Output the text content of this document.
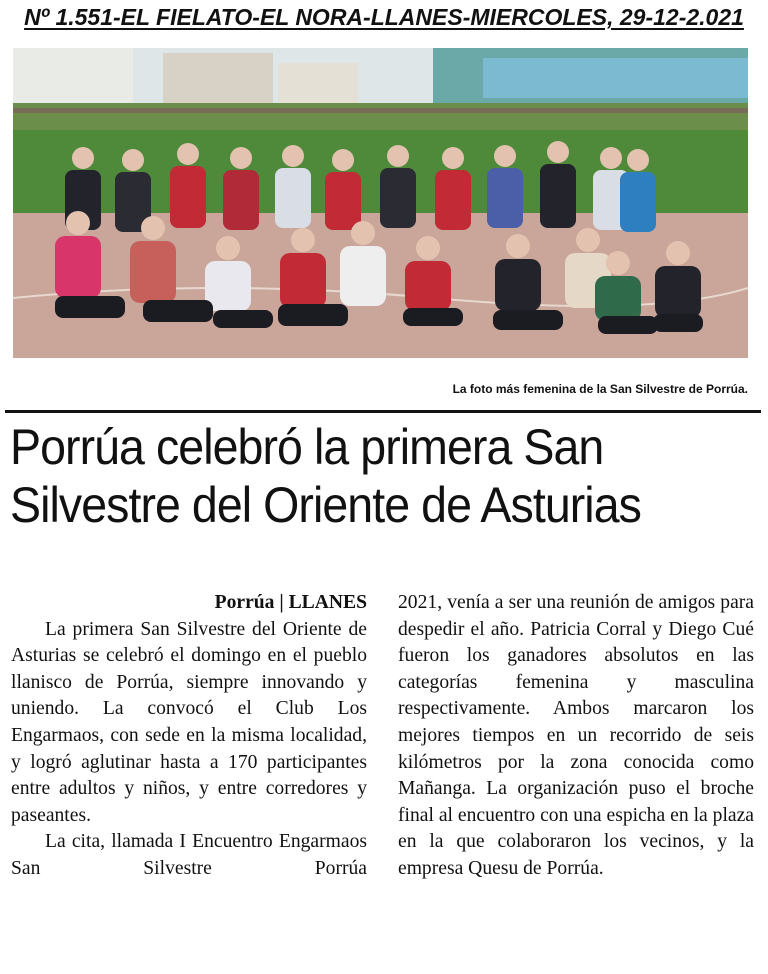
Nº 1.551-EL FIELATO-EL NORA-LLANES-MIERCOLES, 29-12-2.021
La foto más femenina de la San Silvestre de Porrúa.
Porrúa celebró la primera San
Silvestre del Oriente de Asturias

Porrúa | LLANES

La primera San Silvestre del Oriente de Asturias se celebró el domingo en el pueblo llanisco de Porrúa, siempre innovando y uniendo. La convocó el Club Los Engarmaos, con sede en la misma localidad, y logró aglutinar hasta a 170 participantes entre adultos y niños, y entre corredores y paseantes.

La cita, llamada I Encuentro Engarmaos San Silvestre Porrúa

2021, venía a ser una reunión de amigos para despedir el año. Patricia Corral y Diego Cué fueron los ganadores absolutos en las categorías femenina y masculina respectivamente. Ambos marcaron los mejores tiempos en un recorrido de seis kilómetros por la zona conocida como Mañanga. La organización puso el broche final al encuentro con una espicha en la plaza en la que colaboraron los vecinos, y la empresa Quesu de Porrúa.
